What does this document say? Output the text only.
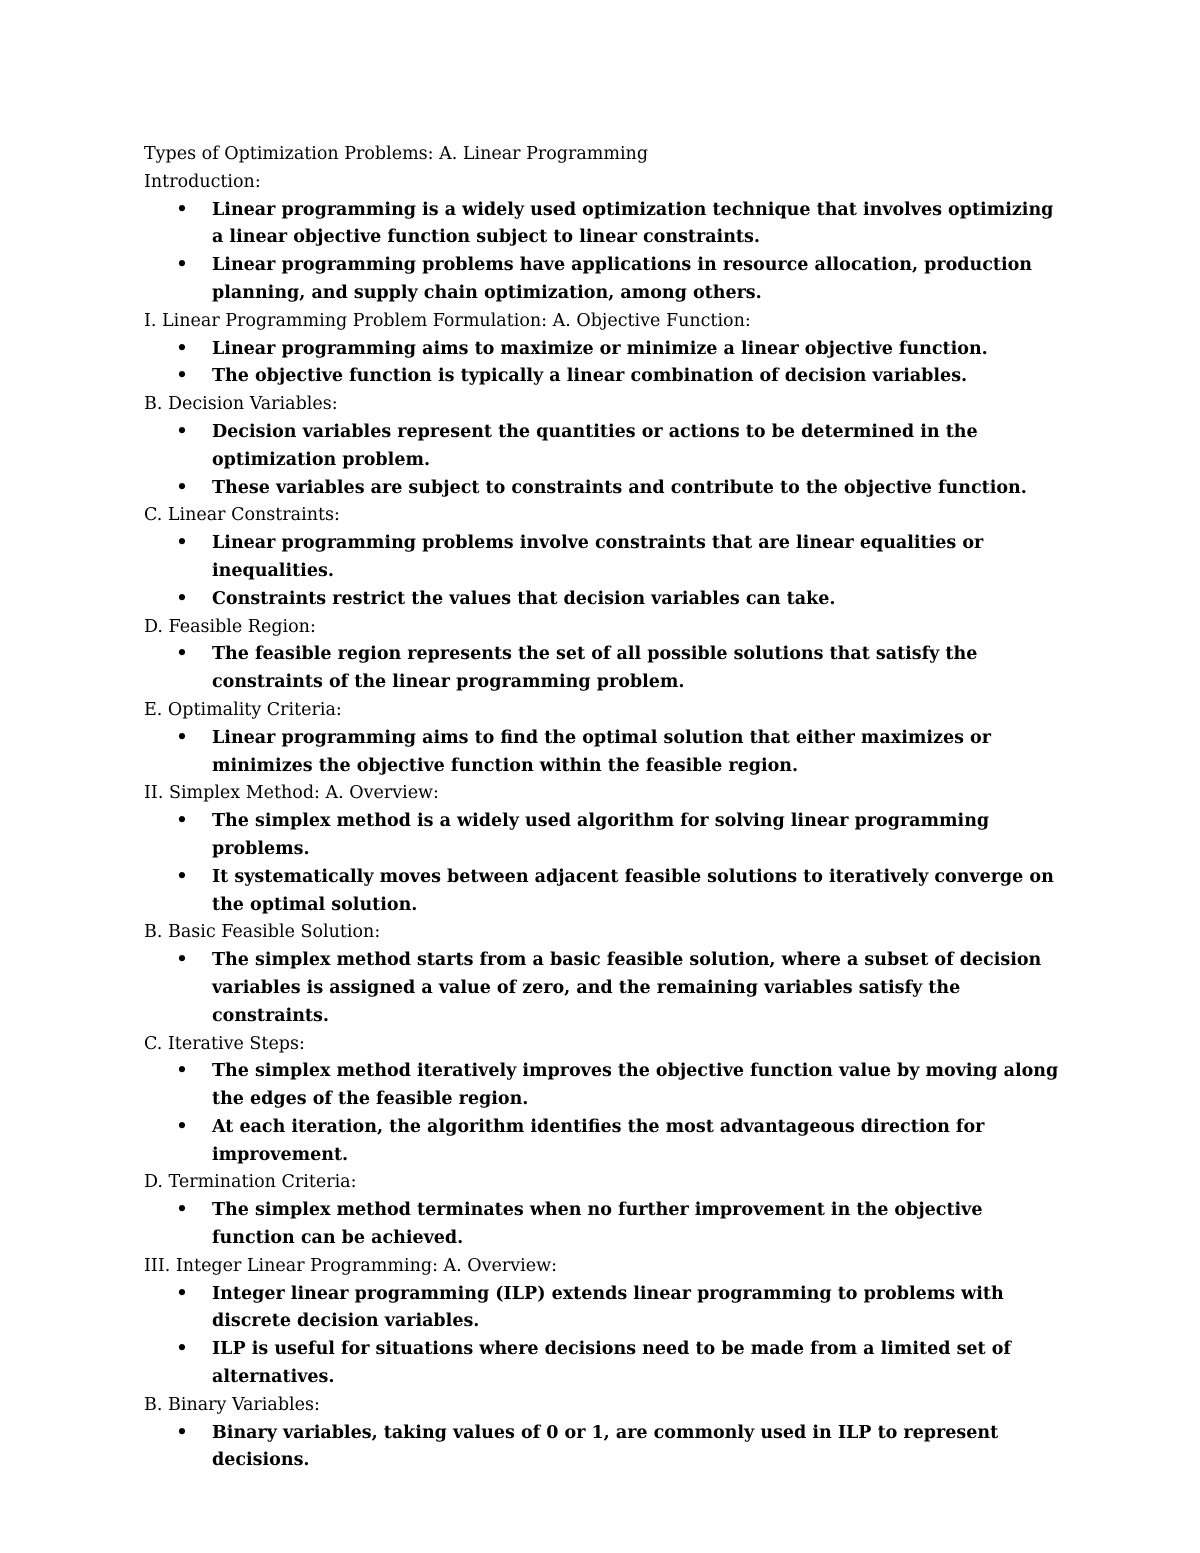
Types of Optimization Problems: A. Linear Programming
Introduction:
•
Linear programming is a widely used optimization technique that involves optimizing a linear objective function subject to linear constraints.
•
Linear programming problems have applications in resource allocation, production planning, and supply chain optimization, among others.
I. Linear Programming Problem Formulation: A. Objective Function:
•
Linear programming aims to maximize or minimize a linear objective function.
•
The objective function is typically a linear combination of decision variables.
B. Decision Variables:
•
Decision variables represent the quantities or actions to be determined in the optimization problem.
•
These variables are subject to constraints and contribute to the objective function.
C. Linear Constraints:
•
Linear programming problems involve constraints that are linear equalities or inequalities.
•
Constraints restrict the values that decision variables can take.
D. Feasible Region:
•
The feasible region represents the set of all possible solutions that satisfy the constraints of the linear programming problem.
E. Optimality Criteria:
•
Linear programming aims to find the optimal solution that either maximizes or minimizes the objective function within the feasible region.
II. Simplex Method: A. Overview:
•
The simplex method is a widely used algorithm for solving linear programming problems.
•
It systematically moves between adjacent feasible solutions to iteratively converge on the optimal solution.
B. Basic Feasible Solution:
•
The simplex method starts from a basic feasible solution, where a subset of decision variables is assigned a value of zero, and the remaining variables satisfy the constraints.
C. Iterative Steps:
•
The simplex method iteratively improves the objective function value by moving along the edges of the feasible region.
•
At each iteration, the algorithm identifies the most advantageous direction for improvement.
D. Termination Criteria:
•
The simplex method terminates when no further improvement in the objective function can be achieved.
III. Integer Linear Programming: A. Overview:
•
Integer linear programming (ILP) extends linear programming to problems with discrete decision variables.
•
ILP is useful for situations where decisions need to be made from a limited set of alternatives.
B. Binary Variables:
•
Binary variables, taking values of 0 or 1, are commonly used in ILP to represent decisions.
